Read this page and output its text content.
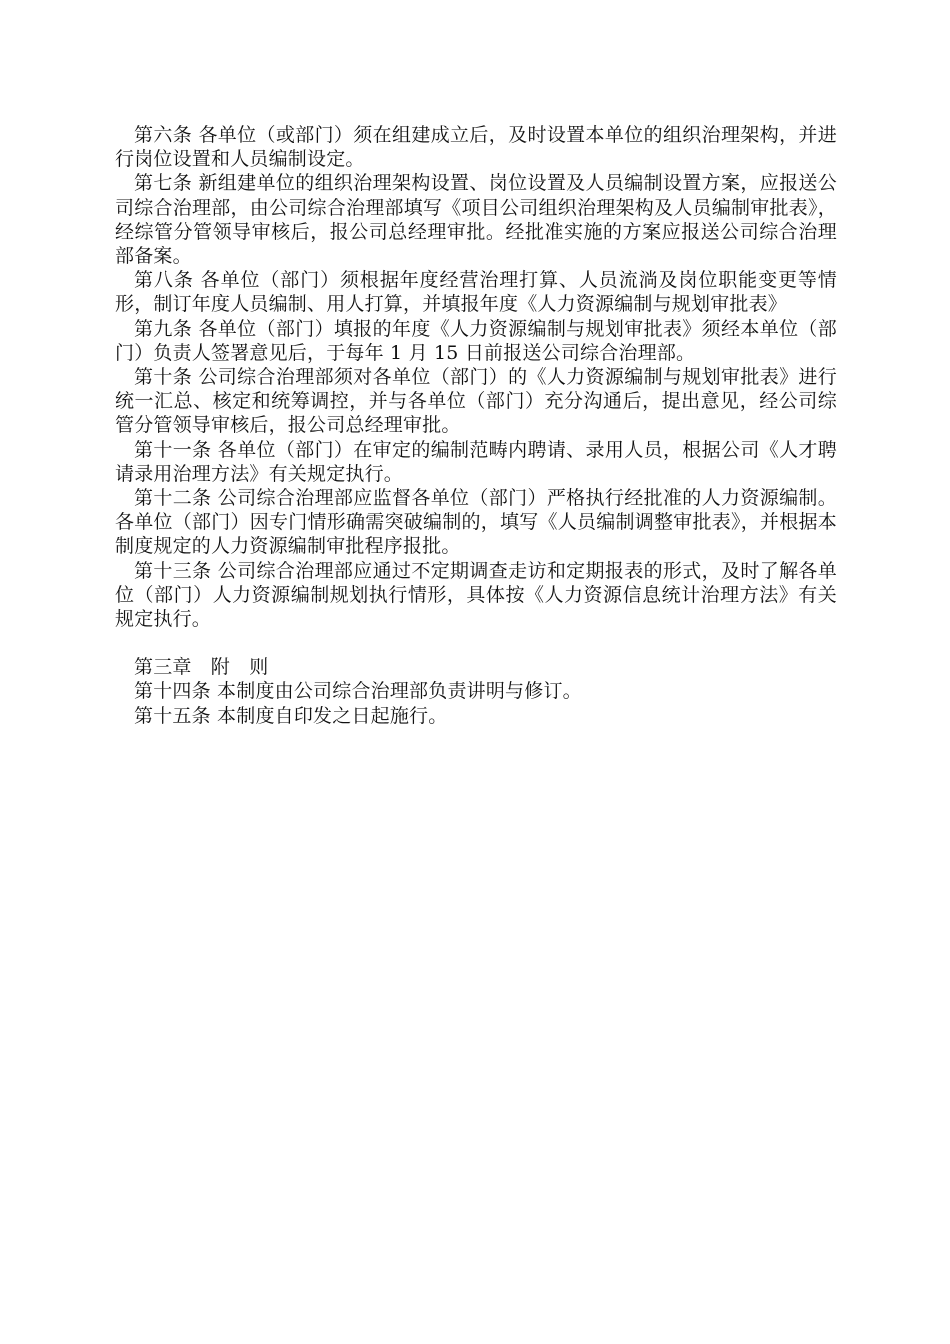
第六条 各单位（或部门）须在组建成立后，及时设置本单位的组织治理架构，并进行岗位设置和人员编制设定。

第七条 新组建单位的组织治理架构设置、岗位设置及人员编制设置方案，应报送公司综合治理部，由公司综合治理部填写《项目公司组织治理架构及人员编制审批表》，经综管分管领导审核后，报公司总经理审批。经批准实施的方案应报送公司综合治理部备案。

第八条 各单位（部门）须根据年度经营治理打算、人员流淌及岗位职能变更等情形，制订年度人员编制、用人打算，并填报年度《人力资源编制与规划审批表》

第九条 各单位（部门）填报的年度《人力资源编制与规划审批表》须经本单位（部门）负责人签署意见后，于每年 1 月 15 日前报送公司综合治理部。

第十条 公司综合治理部须对各单位（部门）的《人力资源编制与规划审批表》进行统一汇总、核定和统筹调控，并与各单位（部门）充分沟通后，提出意见，经公司综管分管领导审核后，报公司总经理审批。

第十一条 各单位（部门）在审定的编制范畴内聘请、录用人员，根据公司《人才聘请录用治理方法》有关规定执行。

第十二条 公司综合治理部应监督各单位（部门）严格执行经批准的人力资源编制。各单位（部门）因专门情形确需突破编制的，填写《人员编制调整审批表》，并根据本制度规定的人力资源编制审批程序报批。

第十三条 公司综合治理部应通过不定期调查走访和定期报表的形式，及时了解各单位（部门）人力资源编制规划执行情形，具体按《人力资源信息统计治理方法》有关规定执行。

第三章　附　则

第十四条 本制度由公司综合治理部负责讲明与修订。

第十五条 本制度自印发之日起施行。
